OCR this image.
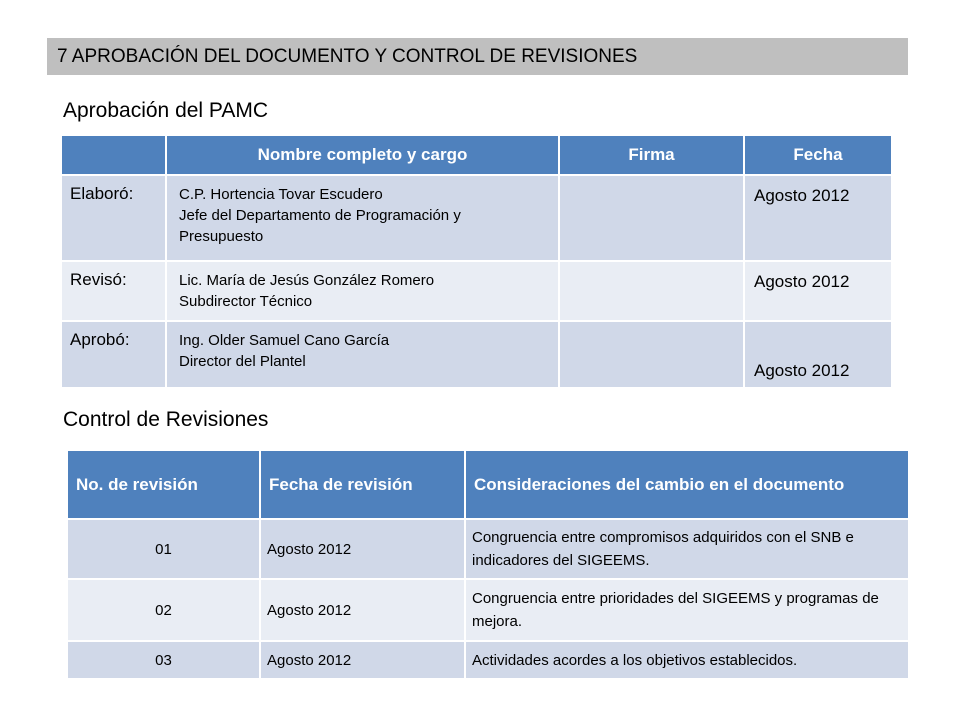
7 APROBACIÓN DEL DOCUMENTO Y CONTROL DE REVISIONES
Aprobación del PAMC
	Nombre completo y cargo	Firma	Fecha
Elaboró:	C.P. Hortencia Tovar Escudero
Jefe del Departamento de Programación y
Presupuesto		Agosto 2012
Revisó:	Lic. María de Jesús González Romero
Subdirector Técnico		Agosto 2012
Aprobó:	Ing. Older Samuel Cano García
Director del Plantel		Agosto 2012
Control de Revisiones
No. de revisión	Fecha de revisión	Consideraciones del cambio en el documento
01	Agosto 2012	Congruencia entre compromisos adquiridos con el SNB e indicadores del SIGEEMS.
02	Agosto 2012	Congruencia entre prioridades del SIGEEMS y programas de mejora.
03	Agosto 2012	Actividades acordes a los objetivos establecidos.
